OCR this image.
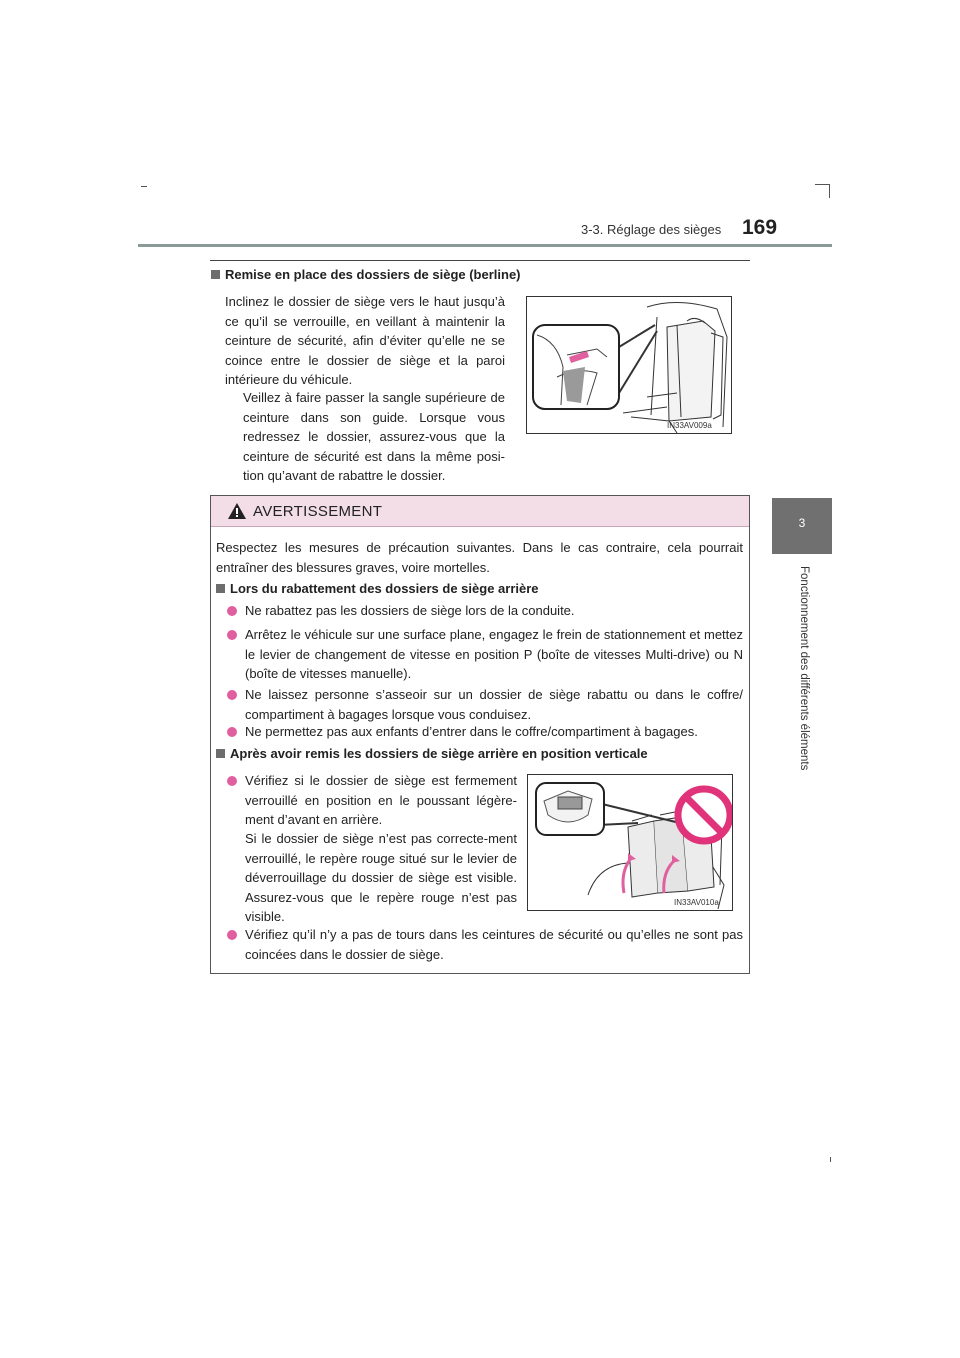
3-3. Réglage des sièges 169
3
Fonctionnement des différents éléments
Remise en place des dossiers de siège (berline)
Inclinez le dossier de siège vers le haut jusqu’à ce qu’il se verrouille, en veillant à maintenir la ceinture de sécurité, afin d’éviter qu’elle ne se coince entre le dossier de siège et la paroi intérieure du véhicule.
Veillez à faire passer la sangle supérieure de ceinture dans son guide. Lorsque vous redressez le dossier, assurez-vous que la ceinture de sécurité est dans la même posi-tion qu’avant de rabattre le dossier.
IN33AV009a
AVERTISSEMENT
Respectez les mesures de précaution suivantes. Dans le cas contraire, cela pourrait entraîner des blessures graves, voire mortelles.
Lors du rabattement des dossiers de siège arrière
Ne rabattez pas les dossiers de siège lors de la conduite.
Arrêtez le véhicule sur une surface plane, engagez le frein de stationnement et mettez le levier de changement de vitesse en position P (boîte de vitesses Multi-drive) ou N (boîte de vitesses manuelle).
Ne laissez personne s’asseoir sur un dossier de siège rabattu ou dans le coffre/ compartiment à bagages lorsque vous conduisez.
Ne permettez pas aux enfants d’entrer dans le coffre/compartiment à bagages.
Après avoir remis les dossiers de siège arrière en position verticale
Vérifiez si le dossier de siège est fermement verrouillé en position en le poussant légère-ment d’avant en arrière.
Si le dossier de siège n’est pas correcte-ment verrouillé, le repère rouge situé sur le levier de déverrouillage du dossier de siège est visible. Assurez-vous que le repère rouge n’est pas visible.
Vérifiez qu’il n’y a pas de tours dans les ceintures de sécurité ou qu’elles ne sont pas coincées dans le dossier de siège.
IN33AV010a
